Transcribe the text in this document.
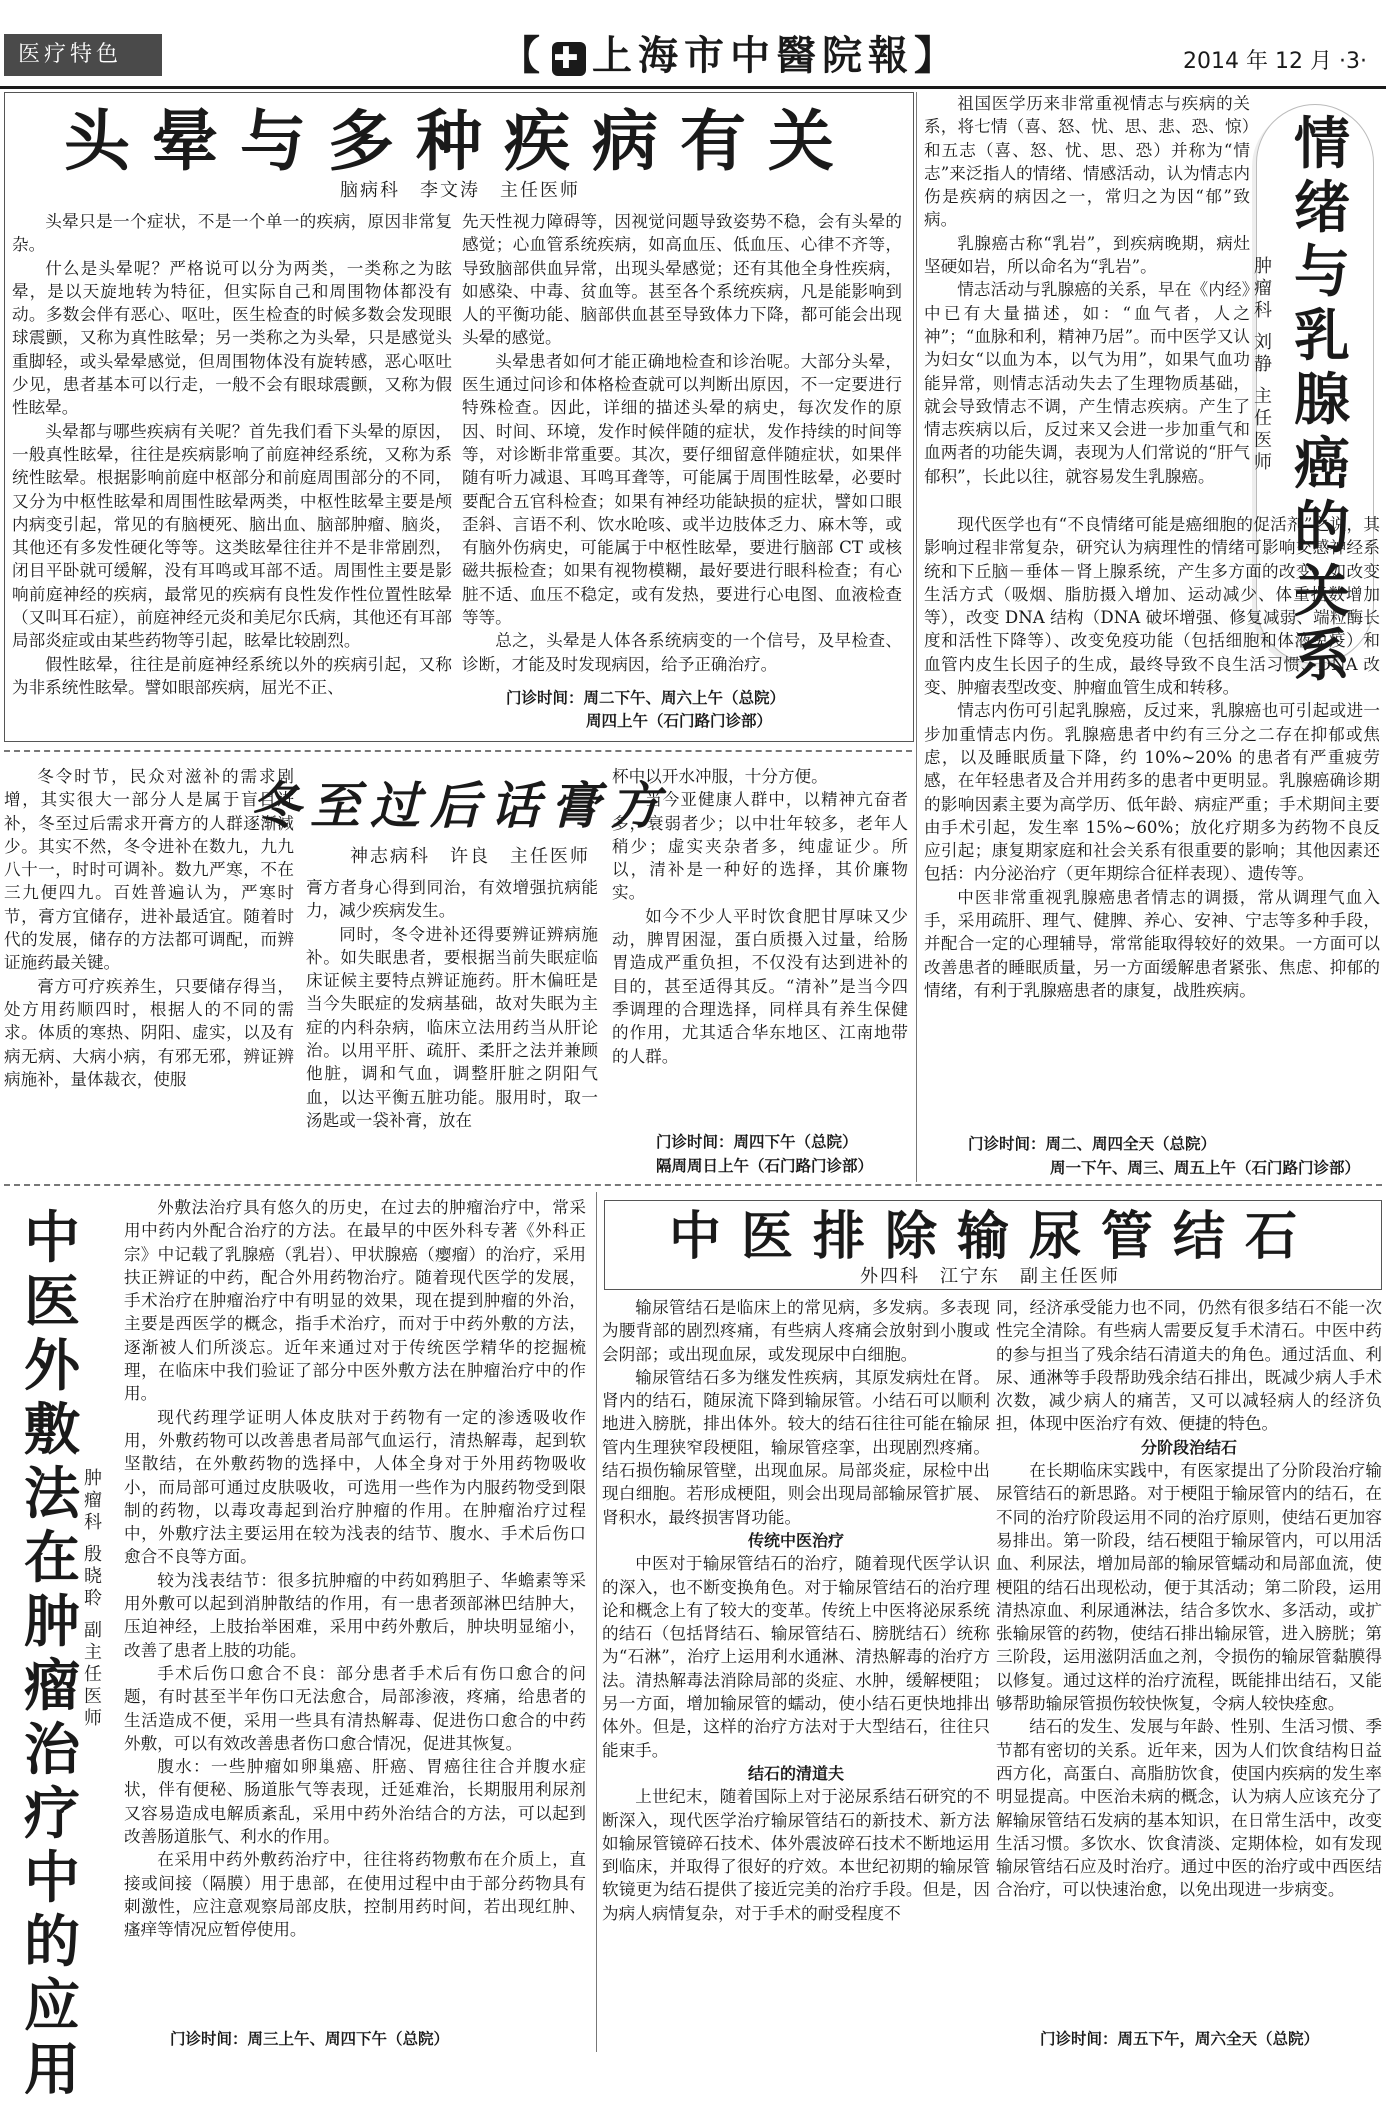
医疗特色	【 ✚ 上海市中醫院報】	2014 年 12 月 ·3·
头晕与多种疾病有关
脑病科　李文涛　主任医师

头晕只是一个症状，不是一个单一的疾病，原因非常复杂。

什么是头晕呢？严格说可以分为两类，一类称之为眩晕，是以天旋地转为特征，但实际自己和周围物体都没有动。多数会伴有恶心、呕吐，医生检查的时候多数会发现眼球震颤，又称为真性眩晕；另一类称之为头晕，只是感觉头重脚轻，或头晕晕感觉，但周围物体没有旋转感，恶心呕吐少见，患者基本可以行走，一般不会有眼球震颤，又称为假性眩晕。

头晕都与哪些疾病有关呢？首先我们看下头晕的原因，一般真性眩晕，往往是疾病影响了前庭神经系统，又称为系统性眩晕。根据影响前庭中枢部分和前庭周围部分的不同，又分为中枢性眩晕和周围性眩晕两类，中枢性眩晕主要是颅内病变引起，常见的有脑梗死、脑出血、脑部肿瘤、脑炎，其他还有多发性硬化等等。这类眩晕往往并不是非常剧烈，闭目平卧就可缓解，没有耳鸣或耳部不适。周围性主要是影响前庭神经的疾病，最常见的疾病有良性发作性位置性眩晕（又叫耳石症），前庭神经元炎和美尼尔氏病，其他还有耳部局部炎症或由某些药物等引起，眩晕比较剧烈。

假性眩晕，往往是前庭神经系统以外的疾病引起，又称为非系统性眩晕。譬如眼部疾病，屈光不正、

先天性视力障碍等，因视觉问题导致姿势不稳，会有头晕的感觉；心血管系统疾病，如高血压、低血压、心律不齐等，导致脑部供血异常，出现头晕感觉；还有其他全身性疾病，如感染、中毒、贫血等。甚至各个系统疾病，凡是能影响到人的平衡功能、脑部供血甚至导致体力下降，都可能会出现头晕的感觉。

头晕患者如何才能正确地检查和诊治呢。大部分头晕，医生通过问诊和体格检查就可以判断出原因，不一定要进行特殊检查。因此，详细的描述头晕的病史，每次发作的原因、时间、环境，发作时候伴随的症状，发作持续的时间等等，对诊断非常重要。其次，要仔细留意伴随症状，如果伴随有听力减退、耳鸣耳聋等，可能属于周围性眩晕，必要时要配合五官科检查；如果有神经功能缺损的症状，譬如口眼歪斜、言语不利、饮水呛咳、或半边肢体乏力、麻木等，或有脑外伤病史，可能属于中枢性眩晕，要进行脑部 CT 或核磁共振检查；如果有视物模糊，最好要进行眼科检查；有心脏不适、血压不稳定，或有发热，要进行心电图、血液检查等等。

总之，头晕是人体各系统病变的一个信号，及早检查、诊断，才能及时发现病因，给予正确治疗。

门诊时间：周二下午、周六上午（总院）
周四上午（石门路门诊部）

祖国医学历来非常重视情志与疾病的关系，将七情（喜、怒、忧、思、悲、恐、惊）和五志（喜、怒、忧、思、恐）并称为“情志”来泛指人的情绪、情感活动，认为情志内伤是疾病的病因之一，常归之为因“郁”致病。

乳腺癌古称“乳岩”，到疾病晚期，病灶坚硬如岩，所以命名为“乳岩”。

情志活动与乳腺癌的关系，早在《内经》中已有大量描述，如：“血气者，人之神”；“血脉和利，精神乃居”。而中医学又认为妇女“以血为本，以气为用”，如果气血功能异常，则情志活动失去了生理物质基础，就会导致情志不调，产生情志疾病。产生了情志疾病以后，反过来又会进一步加重气和血两者的功能失调，表现为人们常说的“肝气郁积”，长此以往，就容易发生乳腺癌。

情
绪
与
乳
腺
癌
的
关
系
肿
瘤
科

刘
静

主
任
医
师

现代医学也有“不良情绪可能是癌细胞的促活剂”之说，其影响过程非常复杂，研究认为病理性的情绪可影响交感神经系统和下丘脑－垂体－肾上腺系统，产生多方面的改变，如改变生活方式（吸烟、脂肪摄入增加、运动减少、体重指数增加等），改变 DNA 结构（DNA 破坏增强、修复减弱、端粒酶长度和活性下降等）、改变免疫功能（包括细胞和体液免疫）和血管内皮生长因子的生成，最终导致不良生活习惯、DNA 改变、肿瘤表型改变、肿瘤血管生成和转移。

情志内伤可引起乳腺癌，反过来，乳腺癌也可引起或进一步加重情志内伤。乳腺癌患者中约有三分之二存在抑郁或焦虑，以及睡眠质量下降，约 10%~20% 的患者有严重疲劳感，在年轻患者及合并用药多的患者中更明显。乳腺癌确诊期的影响因素主要为高学历、低年龄、病症严重；手术期间主要由手术引起，发生率 15%~60%；放化疗期多为药物不良反应引起；康复期家庭和社会关系有很重要的影响；其他因素还包括：内分泌治疗（更年期综合征样表现）、遗传等。

中医非常重视乳腺癌患者情志的调摄，常从调理气血入手，采用疏肝、理气、健脾、养心、安神、宁志等多种手段，并配合一定的心理辅导，常常能取得较好的效果。一方面可以改善患者的睡眠质量，另一方面缓解患者紧张、焦虑、抑郁的情绪，有利于乳腺癌患者的康复，战胜疾病。

门诊时间：周二、周四全天（总院）
周一下午、周三、周五上午（石门路门诊部）
冬至过后话膏方
神志病科　许良　主任医师

冬令时节，民众对滋补的需求剧增，其实很大一部分人是属于盲目进补，冬至过后需求开膏方的人群逐渐减少。其实不然，冬令进补在数九，九九八十一，时时可调补。数九严寒，不在三九便四九。百姓普遍认为，严寒时节，膏方宜储存，进补最适宜。随着时代的发展，储存的方法都可调配，而辨证施药最关键。

膏方可疗疾养生，只要储存得当，处方用药顺四时，根据人的不同的需求。体质的寒热、阴阳、虚实，以及有病无病、大病小病，有邪无邪，辨证辨病施补，量体裁衣，使服

膏方者身心得到同治，有效增强抗病能力，减少疾病发生。

同时，冬令进补还得要辨证辨病施补。如失眠患者，要根据当前失眠症临床证候主要特点辨证施药。肝木偏旺是当今失眠症的发病基础，故对失眠为主症的内科杂病，临床立法用药当从肝论治。以用平肝、疏肝、柔肝之法并兼顾他脏，调和气血，调整肝脏之阴阳气血，以达平衡五脏功能。服用时，取一汤匙或一袋补膏，放在

杯中以开水冲服，十分方便。

当今亚健康人群中，以精神亢奋者多，衰弱者少；以中壮年较多，老年人稍少；虚实夹杂者多，纯虚证少。所以，清补是一种好的选择，其价廉物实。

如今不少人平时饮食肥甘厚味又少动，脾胃困湿，蛋白质摄入过量，给肠胃造成严重负担，不仅没有达到进补的目的，甚至适得其反。“清补”是当今四季调理的合理选择，同样具有养生保健的作用，尤其适合华东地区、江南地带的人群。

门诊时间：周四下午（总院）
隔周周日上午（石门路门诊部）
中
医
外
敷
法
在
肿
瘤
治
疗
中
的
应
用
肿
瘤
科

殷
晓
聆

副
主
任
医
师

外敷法治疗具有悠久的历史，在过去的肿瘤治疗中，常采用中药内外配合治疗的方法。在最早的中医外科专著《外科正宗》中记载了乳腺癌（乳岩）、甲状腺癌（瘿瘤）的治疗，采用扶正辨证的中药，配合外用药物治疗。随着现代医学的发展，手术治疗在肿瘤治疗中有明显的效果，现在提到肿瘤的外治，主要是西医学的概念，指手术治疗，而对于中药外敷的方法，逐渐被人们所淡忘。近年来通过对于传统医学精华的挖掘梳理，在临床中我们验证了部分中医外敷方法在肿瘤治疗中的作用。

现代药理学证明人体皮肤对于药物有一定的渗透吸收作用，外敷药物可以改善患者局部气血运行，清热解毒，起到软坚散结，在外敷药物的选择中，人体全身对于外用药物吸收小，而局部可通过皮肤吸收，可选用一些作为内服药物受到限制的药物，以毒攻毒起到治疗肿瘤的作用。在肿瘤治疗过程中，外敷疗法主要运用在较为浅表的结节、腹水、手术后伤口愈合不良等方面。

较为浅表结节：很多抗肿瘤的中药如鸦胆子、华蟾素等采用外敷可以起到消肿散结的作用，有一患者颈部淋巴结肿大，压迫神经，上肢抬举困难，采用中药外敷后，肿块明显缩小，改善了患者上肢的功能。

手术后伤口愈合不良：部分患者手术后有伤口愈合的问题，有时甚至半年伤口无法愈合，局部渗液，疼痛，给患者的生活造成不便，采用一些具有清热解毒、促进伤口愈合的中药外敷，可以有效改善患者伤口愈合情况，促进其恢复。

腹水：一些肿瘤如卵巢癌、肝癌、胃癌往往合并腹水症状，伴有便秘、肠道胀气等表现，迁延难治，长期服用利尿剂又容易造成电解质紊乱，采用中药外治结合的方法，可以起到改善肠道胀气、利水的作用。

在采用中药外敷药治疗中，往往将药物敷布在介质上，直接或间接（隔膜）用于患部，在使用过程中由于部分药物具有刺激性，应注意观察局部皮肤，控制用药时间，若出现红肿、瘙痒等情况应暂停使用。

门诊时间：周三上午、周四下午（总院）
中医排除输尿管结石
外四科　江宁东　副主任医师

输尿管结石是临床上的常见病，多发病。多表现为腰背部的剧烈疼痛，有些病人疼痛会放射到小腹或会阴部；或出现血尿，或发现尿中白细胞。

输尿管结石多为继发性疾病，其原发病灶在肾。肾内的结石，随尿流下降到输尿管。小结石可以顺利地进入膀胱，排出体外。较大的结石往往可能在输尿管内生理狭窄段梗阻，输尿管痉挛，出现剧烈疼痛。结石损伤输尿管壁，出现血尿。局部炎症，尿检中出现白细胞。若形成梗阻，则会出现局部输尿管扩展、肾积水，最终损害肾功能。

传统中医治疗

中医对于输尿管结石的治疗，随着现代医学认识的深入，也不断变换角色。对于输尿管结石的治疗理论和概念上有了较大的变革。传统上中医将泌尿系统的结石（包括肾结石、输尿管结石、膀胱结石）统称为“石淋”，治疗上运用利水通淋、清热解毒的治疗方法。清热解毒法消除局部的炎症、水肿，缓解梗阻；另一方面，增加输尿管的蠕动，使小结石更快地排出体外。但是，这样的治疗方法对于大型结石，往往只能束手。

结石的清道夫

上世纪末，随着国际上对于泌尿系结石研究的不断深入，现代医学治疗输尿管结石的新技术、新方法如输尿管镜碎石技术、体外震波碎石技术不断地运用到临床，并取得了很好的疗效。本世纪初期的输尿管软镜更为结石提供了接近完美的治疗手段。但是，因为病人病情复杂，对于手术的耐受程度不

同，经济承受能力也不同，仍然有很多结石不能一次性完全清除。有些病人需要反复手术清石。中医中药的参与担当了残余结石清道夫的角色。通过活血、利尿、通淋等手段帮助残余结石排出，既减少病人手术次数，减少病人的痛苦，又可以减轻病人的经济负担，体现中医治疗有效、便捷的特色。

分阶段治结石

在长期临床实践中，有医家提出了分阶段治疗输尿管结石的新思路。对于梗阻于输尿管内的结石，在不同的治疗阶段运用不同的治疗原则，使结石更加容易排出。第一阶段，结石梗阻于输尿管内，可以用活血、利尿法，增加局部的输尿管蠕动和局部血流，使梗阻的结石出现松动，便于其活动；第二阶段，运用清热凉血、利尿通淋法，结合多饮水、多活动，或扩张输尿管的药物，使结石排出输尿管，进入膀胱；第三阶段，运用滋阴活血之剂，令损伤的输尿管黏膜得以修复。通过这样的治疗流程，既能排出结石，又能够帮助输尿管损伤较快恢复，令病人较快痊愈。

结石的发生、发展与年龄、性别、生活习惯、季节都有密切的关系。近年来，因为人们饮食结构日益西方化，高蛋白、高脂肪饮食，使国内疾病的发生率明显提高。中医治未病的概念，认为病人应该充分了解输尿管结石发病的基本知识，在日常生活中，改变生活习惯。多饮水、饮食清淡、定期体检，如有发现输尿管结石应及时治疗。通过中医的治疗或中西医结合治疗，可以快速治愈，以免出现进一步病变。

门诊时间：周五下午，周六全天（总院）
